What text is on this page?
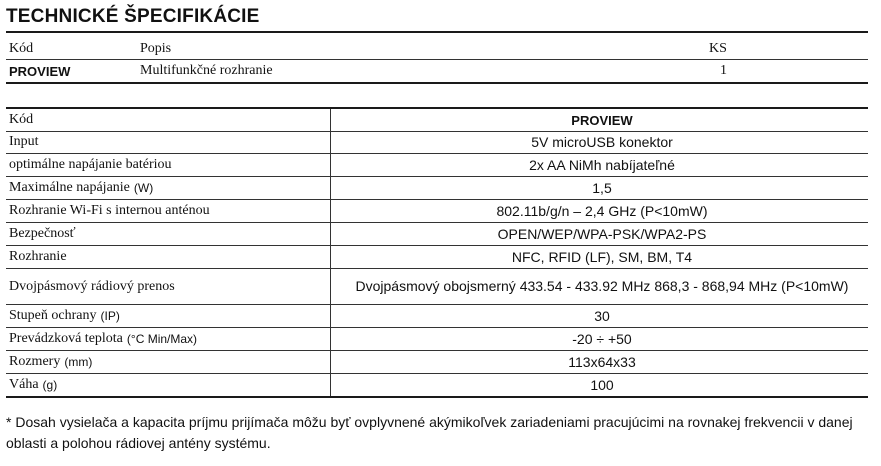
TECHNICKÉ ŠPECIFIKÁCIE
Kód	Popis	KS
PROVIEW	Multifunkčné rozhranie	1
Kód	PROVIEW
Input	5V microUSB konektor
optimálne napájanie batériou	2x AA NiMh nabíjateľné
Maximálne napájanie (W)	1,5
Rozhranie Wi-Fi s internou anténou	802.11b/g/n – 2,4 GHz (P<10mW)
Bezpečnosť	OPEN/WEP/WPA-PSK/WPA2-PS
Rozhranie	NFC, RFID (LF), SM, BM, T4
Dvojpásmový rádiový prenos	Dvojpásmový obojsmerný 433.54 - 433.92 MHz 868,3 - 868,94 MHz (P<10mW)
Stupeň ochrany (IP)	30
Prevádzková teplota (°C Min/Max)	-20 ÷ +50
Rozmery (mm)	113x64x33
Váha (g)	100
* Dosah vysielača a kapacita príjmu prijímača môžu byť ovplyvnené akýmikoľvek zariadeniami pracujúcimi na rovnakej frekvencii v danej oblasti a polohou rádiovej antény systému.
